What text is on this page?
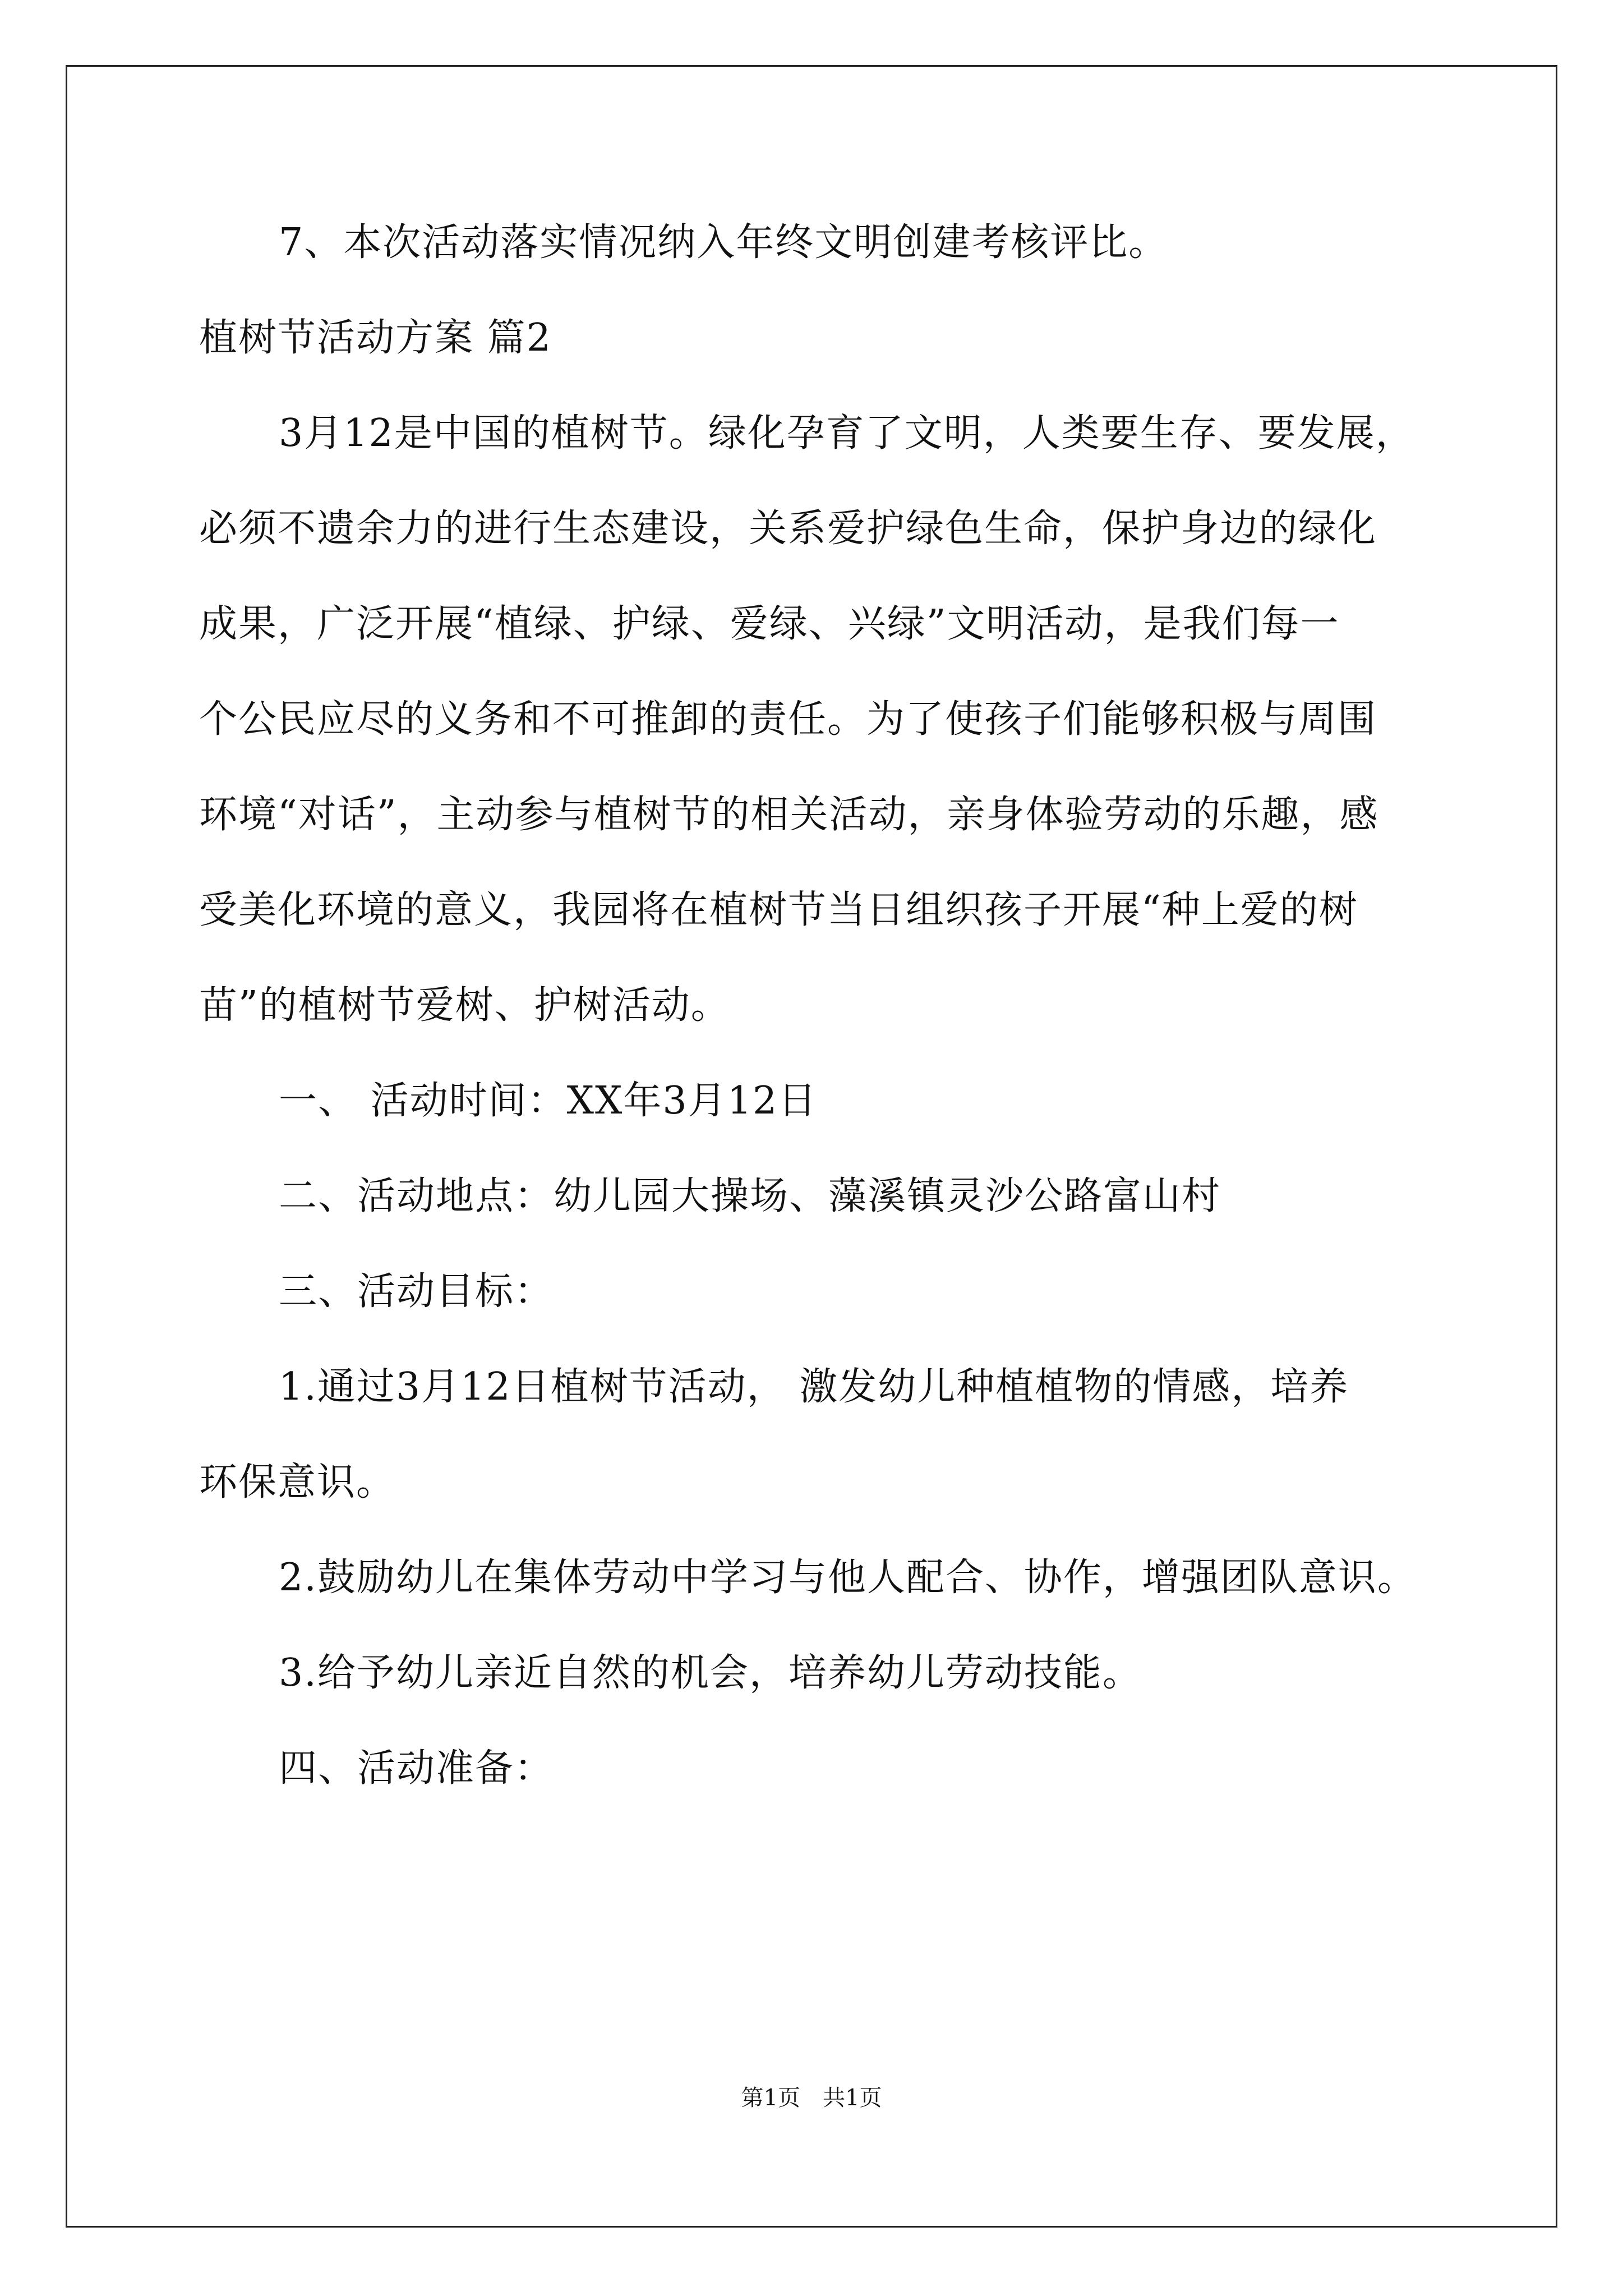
7、本次活动落实情况纳入年终文明创建考核评比。
植树节活动方案 篇2
3月12是中国的植树节。绿化孕育了文明，人类要生存、要发展，
必须不遗余力的进行生态建设，关系爱护绿色生命，保护身边的绿化
成果，广泛开展“植绿、护绿、爱绿、兴绿”文明活动，是我们每一
个公民应尽的义务和不可推卸的责任。为了使孩子们能够积极与周围
环境“对话”，主动参与植树节的相关活动，亲身体验劳动的乐趣，感
受美化环境的意义，我园将在植树节当日组织孩子开展“种上爱的树
苗”的植树节爱树、护树活动。
一、 活动时间：XX年3月12日
二、活动地点：幼儿园大操场、藻溪镇灵沙公路富山村
三、活动目标：
1.通过3月12日植树节活动， 激发幼儿种植植物的情感，培养
环保意识。
2.鼓励幼儿在集体劳动中学习与他人配合、协作，增强团队意识。
3.给予幼儿亲近自然的机会，培养幼儿劳动技能。
四、活动准备：
第1页　共1页
